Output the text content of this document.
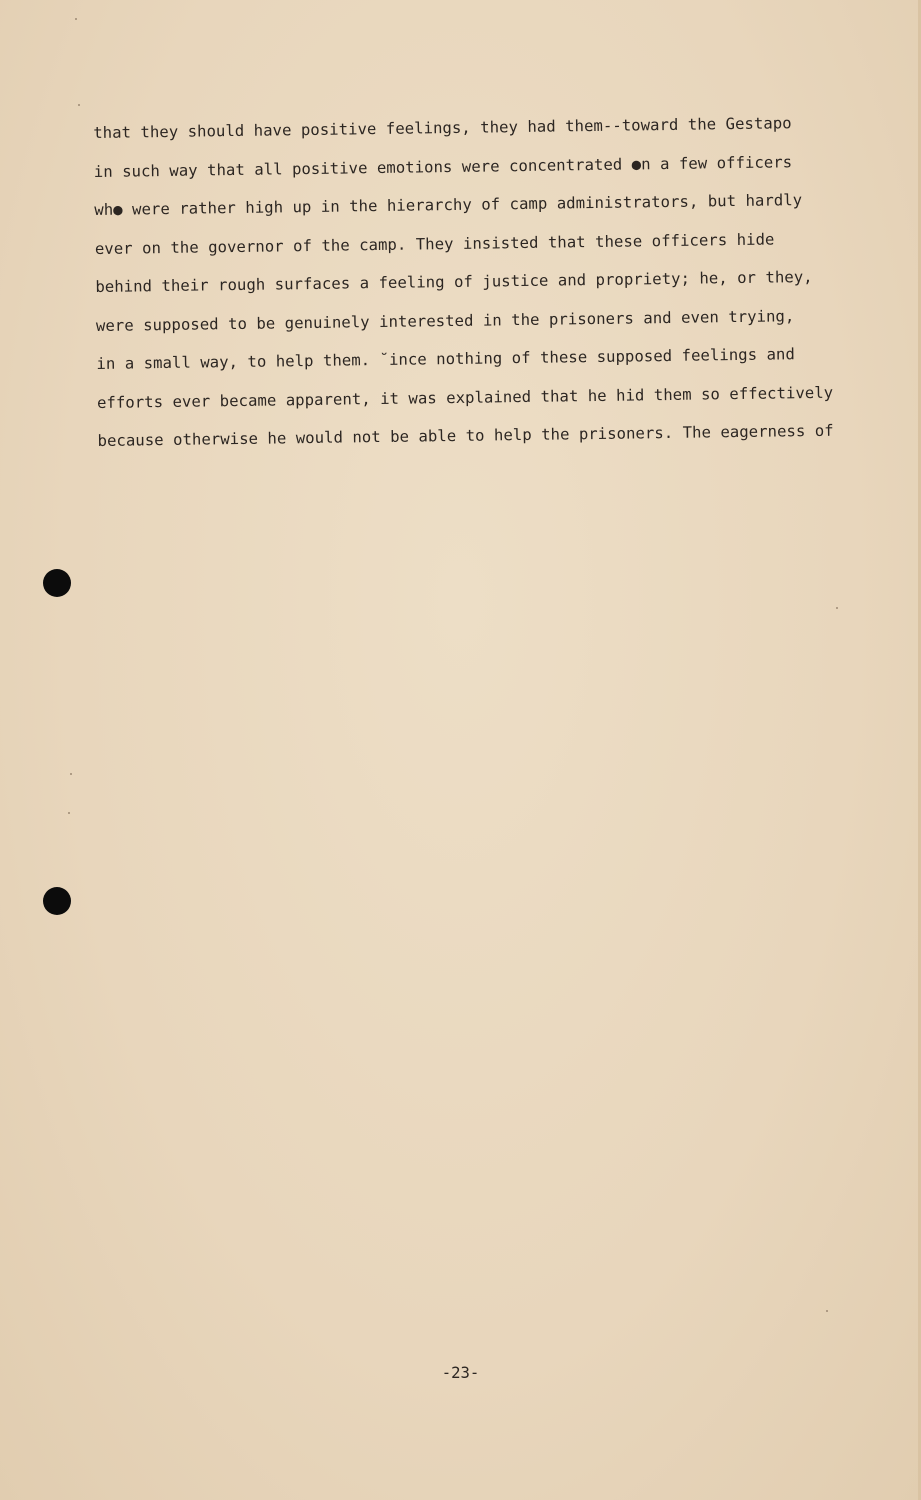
that they should have positive feelings, they had them--toward the Gestapo
in such way that all positive emotions were concentrated ●n a few officers
wh● were rather high up in the hierarchy of camp administrators, but hardly
ever on the governor of the camp. They insisted that these officers hide
behind their rough surfaces a feeling of justice and propriety; he, or they,
were supposed to be genuinely interested in the prisoners and even trying,
in a small way, to help them. ˘ince nothing of these supposed feelings and
efforts ever became apparent, it was explained that he hid them so effectively
because otherwise he would not be able to help the prisoners. The eagerness of
-23-
